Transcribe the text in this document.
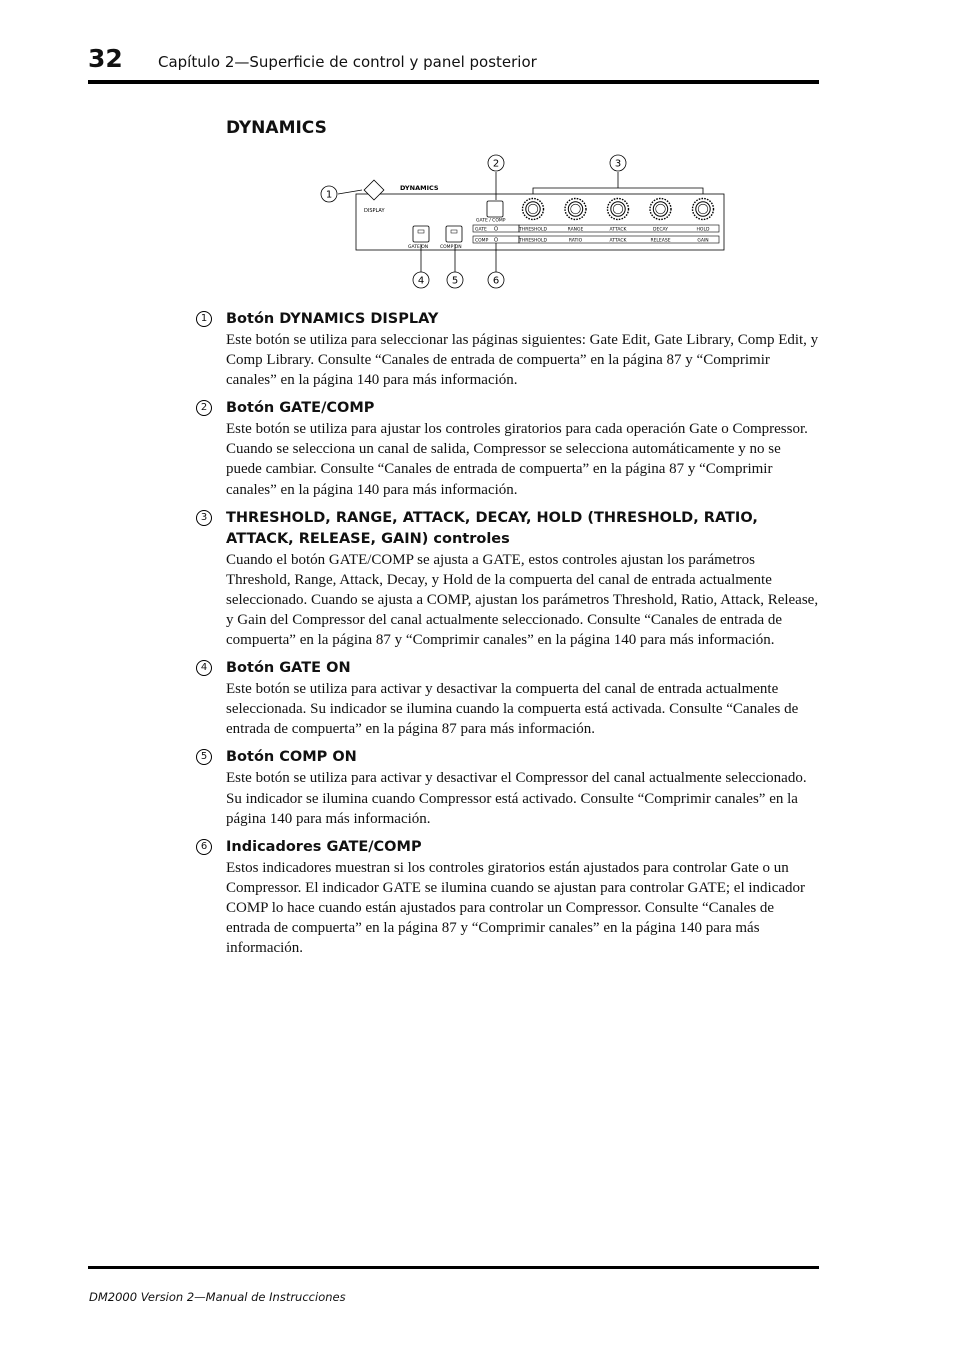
32 Capítulo 2—Superficie de control y panel posterior
DYNAMICS
DYNAMICS
DISPLAY
GATE / COMP
GATE
COMP
GATE ON	COMP ON
THRESHOLD
THRESHOLD
RANGE
RATIO
ATTACK
ATTACK
DECAY
RELEASE
HOLD
GAIN
1
2	3
4	5	6
1	Botón DYNAMICS DISPLAY
Este botón se utiliza para seleccionar las páginas siguientes: Gate Edit, Gate Library, Comp Edit, y Comp Library. Consulte “Canales de entrada de compuerta” en la página 87 y “Comprimir canales” en la página 140 para más información.
2	Botón GATE/COMP
Este botón se utiliza para ajustar los controles giratorios para cada operación Gate o Compressor. Cuando se selecciona un canal de salida, Compressor se selecciona automáticamente y no se puede cambiar. Consulte “Canales de entrada de compuerta” en la página 87 y “Comprimir canales” en la página 140 para más información.
3	THRESHOLD, RANGE, ATTACK, DECAY, HOLD (THRESHOLD, RATIO, ATTACK, RELEASE, GAIN) controles
Cuando el botón GATE/COMP se ajusta a GATE, estos controles ajustan los parámetros Threshold, Range, Attack, Decay, y Hold de la compuerta del canal de entrada actualmente seleccionado. Cuando se ajusta a COMP, ajustan los parámetros Threshold, Ratio, Attack, Release, y Gain del Compressor del canal actualmente seleccionado. Consulte “Canales de entrada de compuerta” en la página 87 y “Comprimir canales” en la página 140 para más información.
4	Botón GATE ON
Este botón se utiliza para activar y desactivar la compuerta del canal de entrada actualmente seleccionada. Su indicador se ilumina cuando la compuerta está activada. Consulte “Canales de entrada de compuerta” en la página 87 para más información.
5	Botón COMP ON
Este botón se utiliza para activar y desactivar el Compressor del canal actualmente seleccionado. Su indicador se ilumina cuando Compressor está activado. Consulte “Comprimir canales” en la página 140 para más información.
6	Indicadores GATE/COMP
Estos indicadores muestran si los controles giratorios están ajustados para controlar Gate o un Compressor. El indicador GATE se ilumina cuando se ajustan para controlar GATE; el indicador COMP lo hace cuando están ajustados para controlar un Compressor. Consulte “Canales de entrada de compuerta” en la página 87 y “Comprimir canales” en la página 140 para más información.
DM2000 Version 2—Manual de Instrucciones
